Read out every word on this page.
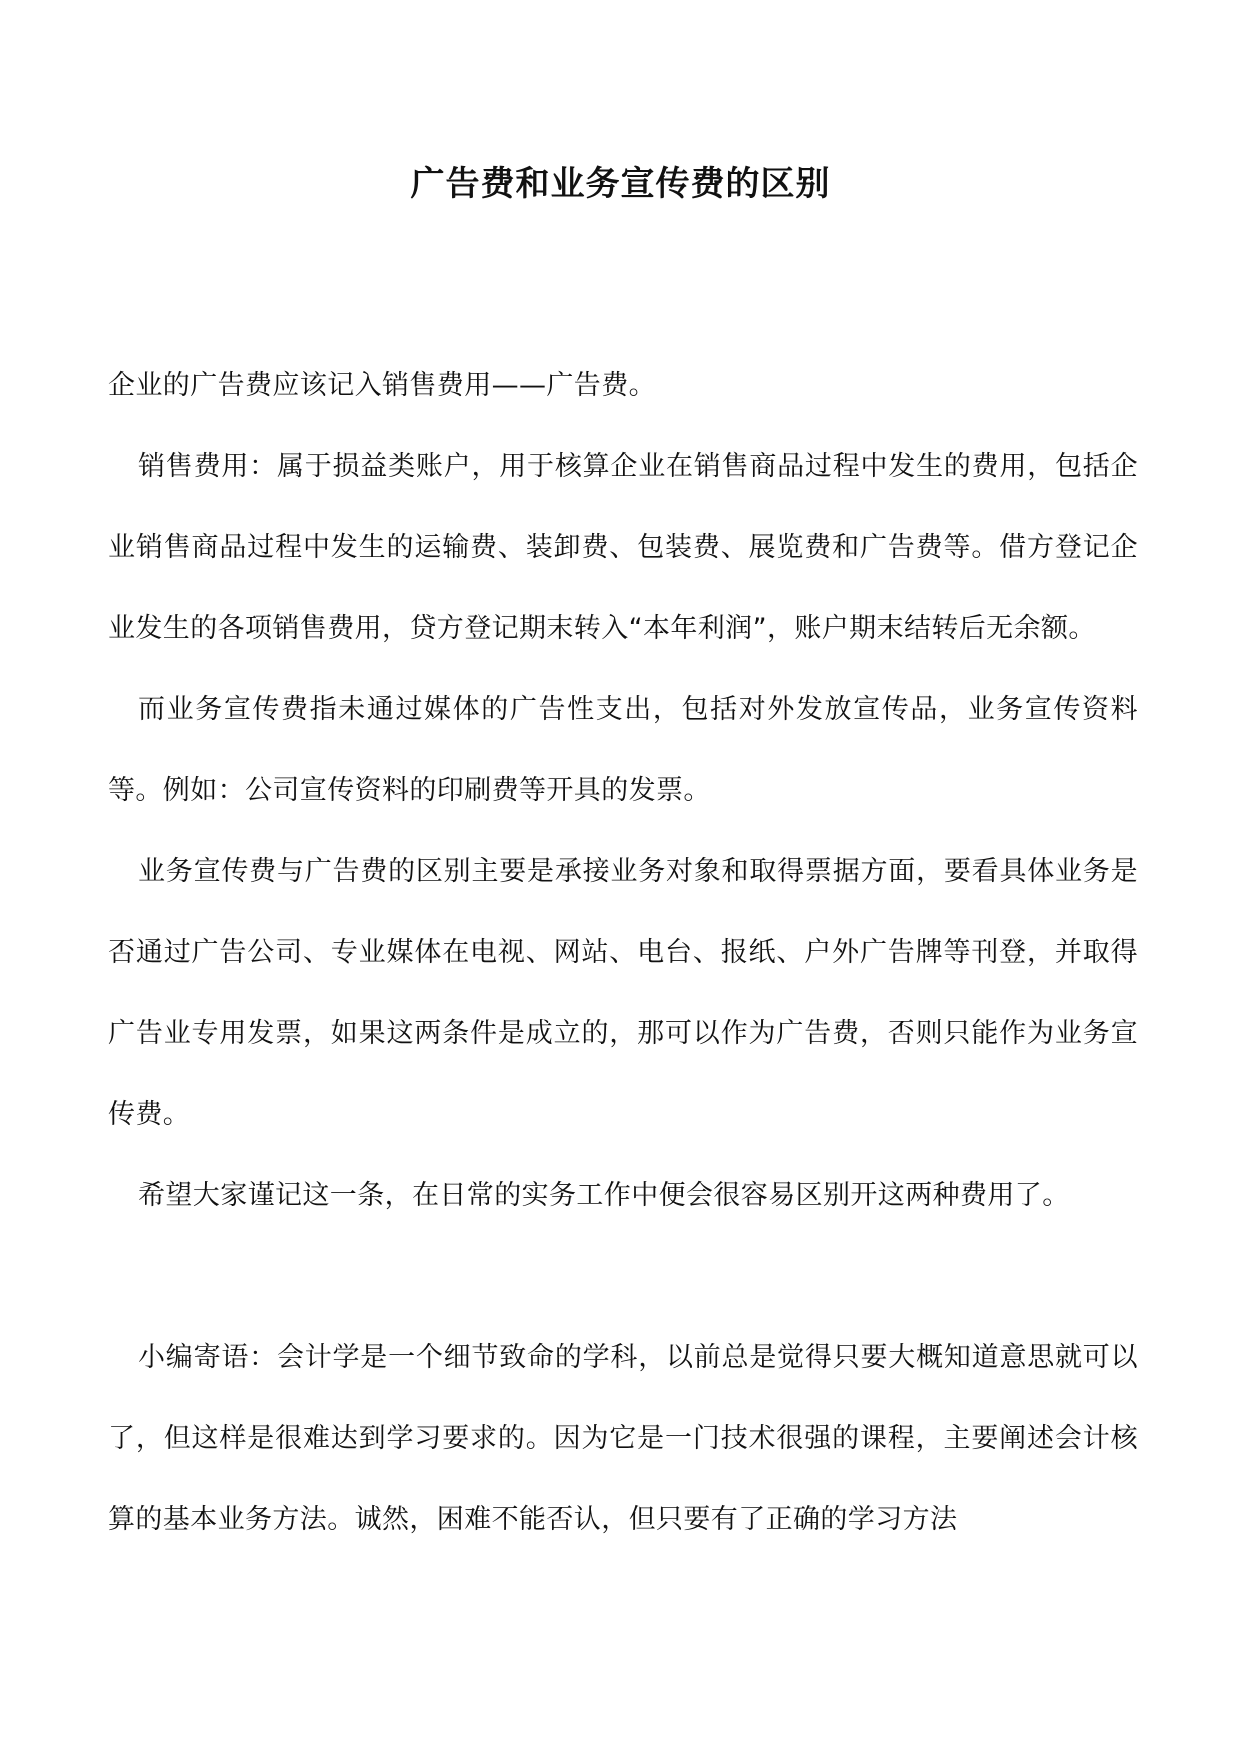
广告费和业务宣传费的区别

企业的广告费应该记入销售费用——广告费。

销售费用：属于损益类账户，用于核算企业在销售商品过程中发生的费用，包括企业销售商品过程中发生的运输费、装卸费、包装费、展览费和广告费等。借方登记企业发生的各项销售费用，贷方登记期末转入“本年利润”，账户期末结转后无余额。

而业务宣传费指未通过媒体的广告性支出，包括对外发放宣传品，业务宣传资料等。例如：公司宣传资料的印刷费等开具的发票。

业务宣传费与广告费的区别主要是承接业务对象和取得票据方面，要看具体业务是否通过广告公司、专业媒体在电视、网站、电台、报纸、户外广告牌等刊登，并取得广告业专用发票，如果这两条件是成立的，那可以作为广告费，否则只能作为业务宣传费。

希望大家谨记这一条，在日常的实务工作中便会很容易区别开这两种费用了。

小编寄语：会计学是一个细节致命的学科，以前总是觉得只要大概知道意思就可以了，但这样是很难达到学习要求的。因为它是一门技术很强的课程，主要阐述会计核算的基本业务方法。诚然，困难不能否认，但只要有了正确的学习方法
